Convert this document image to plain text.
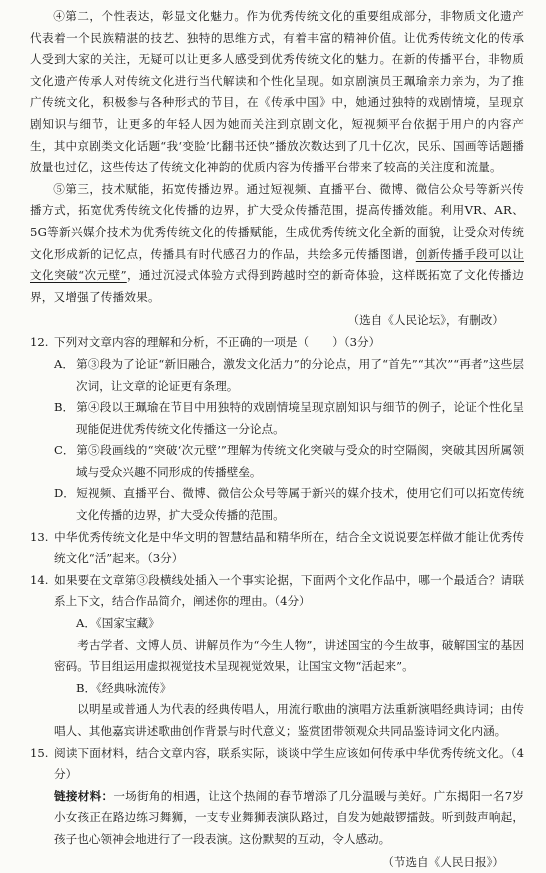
④第二，个性表达，彰显文化魅力。作为优秀传统文化的重要组成部分，非物质文化遗产代表着一个民族精湛的技艺、独特的思维方式，有着丰富的精神价值。让优秀传统文化的传承人受到大家的关注，无疑可以让更多人感受到优秀传统文化的魅力。在新的传播平台，非物质文化遗产传承人对传统文化进行当代解读和个性化呈现。如京剧演员王珮瑜亲力亲为，为了推广传统文化，积极参与各种形式的节目，在《传承中国》中，她通过独特的戏剧情境，呈现京剧知识与细节，让更多的年轻人因为她而关注到京剧文化，短视频平台依据于用户的内容产生，其中京剧类文化话题“我‘变脸’比翻书还快”播放次数达到了几十亿次，民乐、国画等话题播放量也过亿，这些传达了传统文化神韵的优质内容为传播平台带来了较高的关注度和流量。

⑤第三，技术赋能，拓宽传播边界。通过短视频、直播平台、微博、微信公众号等新兴传播方式，拓宽优秀传统文化传播的边界，扩大受众传播范围，提高传播效能。利用VR、AR、5G等新兴媒介技术为优秀传统文化的传播赋能，生成优秀传统文化全新的面貌，让受众对传统文化形成新的记忆点，传播具有时代感召力的作品，共绘多元传播图谱，创新传播手段可以让文化突破“次元壁”，通过沉浸式体验方式得到跨越时空的新奇体验，这样既拓宽了文化传播边界，又增强了传播效果。

（选自《人民论坛》，有删改）

12. 下列对文章内容的理解和分析，不正确的一项是（　　）（3分）

A． 第③段为了论证“新旧融合，激发文化活力”的分论点，用了“首先”“其次”“再者”这些层次词，让文章的论证更有条理。

B． 第④段以王珮瑜在节目中用独特的戏剧情境呈现京剧知识与细节的例子，论证个性化呈现能促进优秀传统文化传播这一分论点。

C． 第⑤段画线的“突破‘次元壁’”理解为传统文化突破与受众的时空隔阂，突破其因所属领域与受众兴趣不同形成的传播壁垒。

D．短视频、直播平台、微博、微信公众号等属于新兴的媒介技术，使用它们可以拓宽传统文化传播的边界，扩大受众传播的范围。

13. 中华优秀传统文化是中华文明的智慧结晶和精华所在，结合全文说说要怎样做才能让优秀传统文化“活”起来。（3分）

14. 如果要在文章第③段横线处插入一个事实论据，下面两个文化作品中，哪一个最适合？请联系上下文，结合作品简介，阐述你的理由。（4分）

A．《国家宝藏》

考古学者、文博人员、讲解员作为“今生人物”，讲述国宝的今生故事，破解国宝的基因密码。节目组运用虚拟视觉技术呈现视觉效果，让国宝文物“活起来”。

B．《经典咏流传》

以明星或普通人为代表的经典传唱人，用流行歌曲的演唱方法重新演唱经典诗词；由传唱人、其他嘉宾讲述歌曲创作背景与时代意义；鉴赏团带领观众共同品鉴诗词文化内涵。

15. 阅读下面材料，结合文章内容，联系实际，谈谈中学生应该如何传承中华优秀传统文化。（4分）

链接材料：一场街角的相遇，让这个热闹的春节增添了几分温暖与美好。广东揭阳一名7岁小女孩正在路边练习舞狮，一支专业舞狮表演队路过，自发为她敲锣擂鼓。听到鼓声响起，孩子也心领神会地进行了一段表演。这份默契的互动，令人感动。

（节选自《人民日报》）
